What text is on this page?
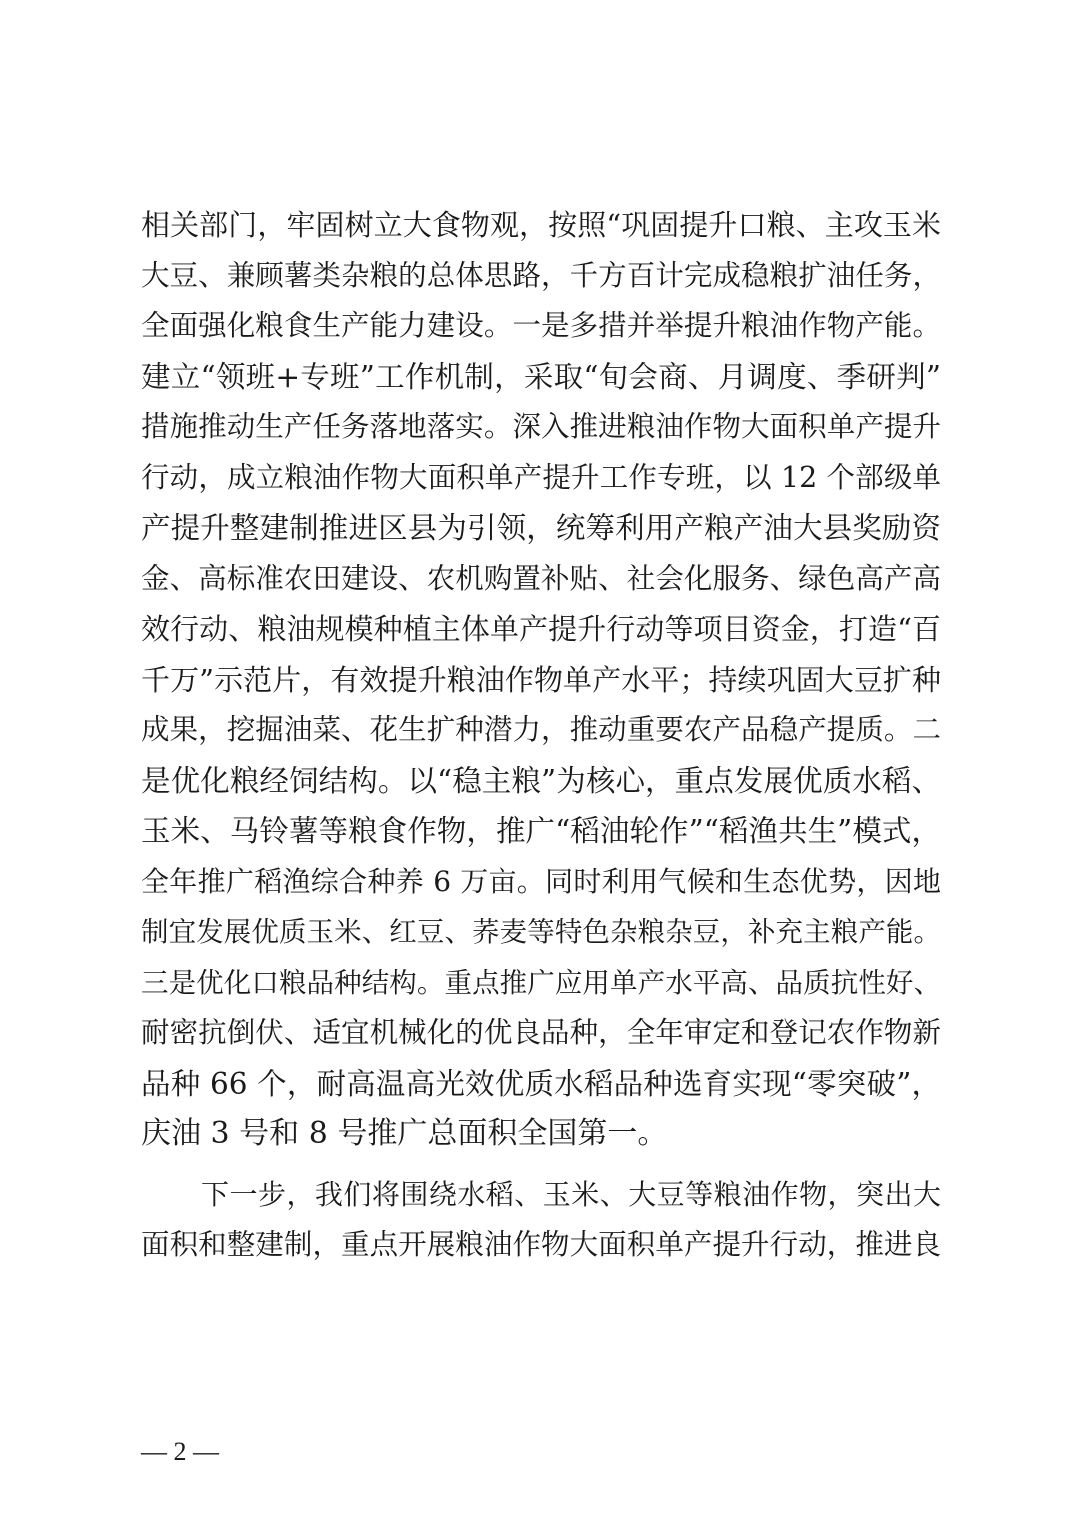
相关部门，牢固树立大食物观，按照“巩固提升口粮、主攻玉米
大豆、兼顾薯类杂粮的总体思路，千方百计完成稳粮扩油任务，
全面强化粮食生产能力建设。一是多措并举提升粮油作物产能。
建立“领班+专班”工作机制，采取“旬会商、月调度、季研判”
措施推动生产任务落地落实。深入推进粮油作物大面积单产提升
行动，成立粮油作物大面积单产提升工作专班，以 12 个部级单
产提升整建制推进区县为引领，统筹利用产粮产油大县奖励资
金、高标准农田建设、农机购置补贴、社会化服务、绿色高产高
效行动、粮油规模种植主体单产提升行动等项目资金，打造“百
千万”示范片，有效提升粮油作物单产水平；持续巩固大豆扩种
成果，挖掘油菜、花生扩种潜力，推动重要农产品稳产提质。二
是优化粮经饲结构。以“稳主粮”为核心，重点发展优质水稻、
玉米、马铃薯等粮食作物，推广“稻油轮作”“稻渔共生”模式，
全年推广稻渔综合种养 6 万亩。同时利用气候和生态优势，因地
制宜发展优质玉米、红豆、荞麦等特色杂粮杂豆，补充主粮产能。
三是优化口粮品种结构。重点推广应用单产水平高、品质抗性好、
耐密抗倒伏、适宜机械化的优良品种，全年审定和登记农作物新
品种 66 个，耐高温高光效优质水稻品种选育实现“零突破”，
庆油 3 号和 8 号推广总面积全国第一。
下一步，我们将围绕水稻、玉米、大豆等粮油作物，突出大
面积和整建制，重点开展粮油作物大面积单产提升行动，推进良
— 2 —
